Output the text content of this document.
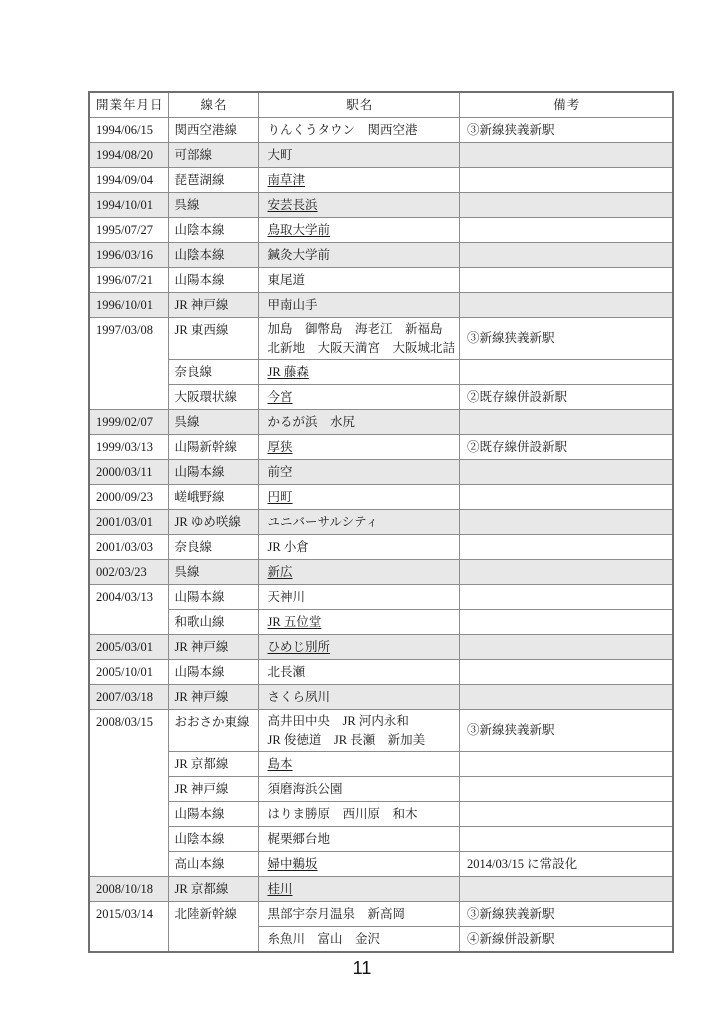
開業年月日	線名	駅名	備考
1994/06/15	関西空港線	りんくうタウン　関西空港	③新線狭義新駅
1994/08/20	可部線	大町	
1994/09/04	琵琶湖線	南草津	
1994/10/01	呉線	安芸長浜	
1995/07/27	山陰本線	鳥取大学前	
1996/03/16	山陰本線	鍼灸大学前	
1996/07/21	山陽本線	東尾道	
1996/10/01	JR 神戸線	甲南山手	
1997/03/08	JR 東西線	加島　御幣島　海老江　新福島
北新地　大阪天満宮　大阪城北詰	③新線狭義新駅
	奈良線	JR 藤森	
	大阪環状線	今宮	②既存線併設新駅
1999/02/07	呉線	かるが浜　水尻	
1999/03/13	山陽新幹線	厚狭	②既存線併設新駅
2000/03/11	山陽本線	前空	
2000/09/23	嵯峨野線	円町	
2001/03/01	JR ゆめ咲線	ユニバーサルシティ	
2001/03/03	奈良線	JR 小倉	
002/03/23	呉線	新広	
2004/03/13	山陽本線	天神川	
	和歌山線	JR 五位堂	
2005/03/01	JR 神戸線	ひめじ別所	
2005/10/01	山陽本線	北長瀬	
2007/03/18	JR 神戸線	さくら夙川	
2008/03/15	おおさか東線	高井田中央　JR 河内永和
JR 俊徳道　JR 長瀬　新加美	③新線狭義新駅
	JR 京都線	島本	
	JR 神戸線	須磨海浜公園	
	山陽本線	はりま勝原　西川原　和木	
	山陰本線	梶栗郷台地	
	高山本線	婦中鵜坂	2014/03/15 に常設化
2008/10/18	JR 京都線	桂川	
2015/03/14	北陸新幹線	黒部宇奈月温泉　新高岡	③新線狭義新駅
		糸魚川　富山　金沢	④新線併設新駅
11
